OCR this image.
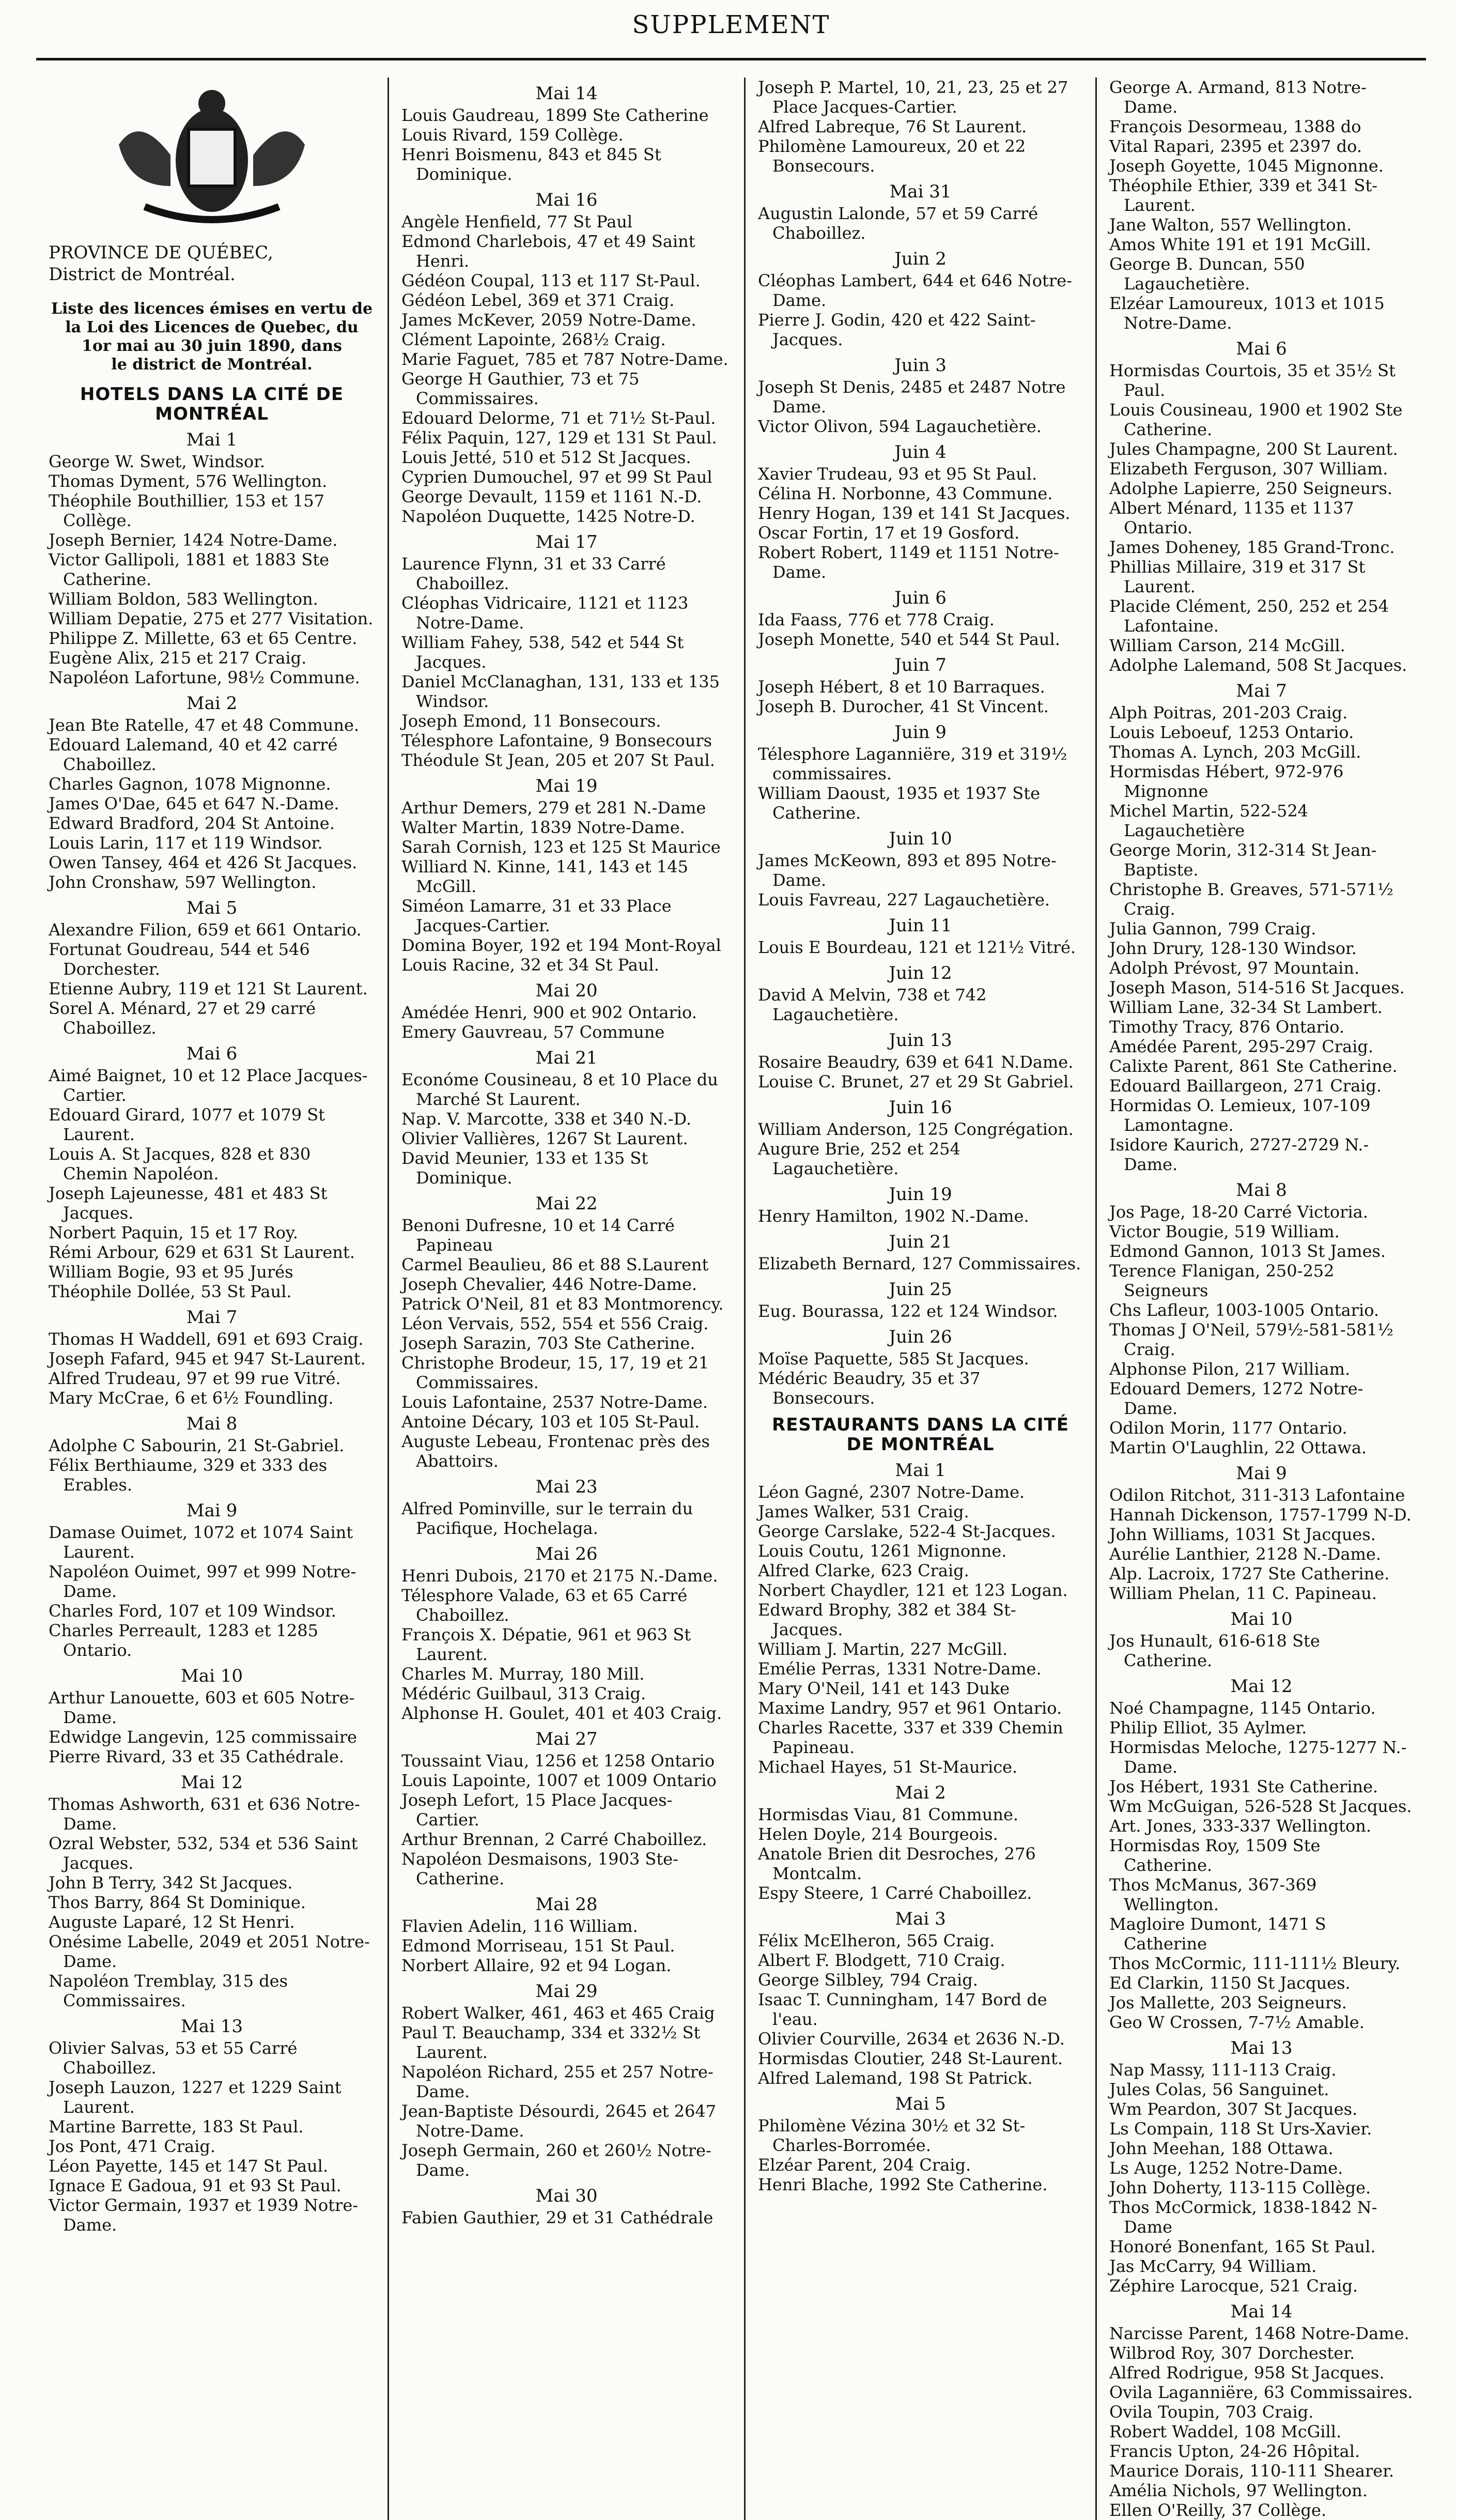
SUPPLEMENT
PROVINCE DE QUÉBEC,
District de Montréal.
Liste des licences émises en vertu de
la Loi des Licences de Quebec, du
1or mai au 30 juin 1890, dans
le district de Montréal.
HOTELS DANS LA CITÉ DE MONTRÉAL
Mai 1
George W. Swet, Windsor.
Thomas Dyment, 576 Wellington.
Théophile Bouthillier, 153 et 157 Collège.
Joseph Bernier, 1424 Notre-Dame.
Victor Gallipoli, 1881 et 1883 Ste Catherine.
William Boldon, 583 Wellington.
William Depatie, 275 et 277 Visitation.
Philippe Z. Millette, 63 et 65 Centre.
Eugène Alix, 215 et 217 Craig.
Napoléon Lafortune, 98½ Commune.
Mai 2
Jean Bte Ratelle, 47 et 48 Commune.
Edouard Lalemand, 40 et 42 carré Chaboillez.
Charles Gagnon, 1078 Mignonne.
James O'Dae, 645 et 647 N.-Dame.
Edward Bradford, 204 St Antoine.
Louis Larin, 117 et 119 Windsor.
Owen Tansey, 464 et 426 St Jacques.
John Cronshaw, 597 Wellington.
Mai 5
Alexandre Filion, 659 et 661 Ontario.
Fortunat Goudreau, 544 et 546 Dorchester.
Etienne Aubry, 119 et 121 St Laurent.
Sorel A. Ménard, 27 et 29 carré Chaboillez.
Mai 6
Aimé Baignet, 10 et 12 Place Jacques-Cartier.
Edouard Girard, 1077 et 1079 St Laurent.
Louis A. St Jacques, 828 et 830 Chemin Napoléon.
Joseph Lajeunesse, 481 et 483 St Jacques.
Norbert Paquin, 15 et 17 Roy.
Rémi Arbour, 629 et 631 St Laurent.
William Bogie, 93 et 95 Jurés
Théophile Dollée, 53 St Paul.
Mai 7
Thomas H Waddell, 691 et 693 Craig.
Joseph Fafard, 945 et 947 St-Laurent.
Alfred Trudeau, 97 et 99 rue Vitré.
Mary McCrae, 6 et 6½ Foundling.
Mai 8
Adolphe C Sabourin, 21 St-Gabriel.
Félix Berthiaume, 329 et 333 des Erables.
Mai 9
Damase Ouimet, 1072 et 1074 Saint Laurent.
Napoléon Ouimet, 997 et 999 Notre-Dame.
Charles Ford, 107 et 109 Windsor.
Charles Perreault, 1283 et 1285 Ontario.
Mai 10
Arthur Lanouette, 603 et 605 Notre-Dame.
Edwidge Langevin, 125 commissaire
Pierre Rivard, 33 et 35 Cathédrale.
Mai 12
Thomas Ashworth, 631 et 636 Notre-Dame.
Ozral Webster, 532, 534 et 536 Saint Jacques.
John B Terry, 342 St Jacques.
Thos Barry, 864 St Dominique.
Auguste Laparé, 12 St Henri.
Onésime Labelle, 2049 et 2051 Notre-Dame.
Napoléon Tremblay, 315 des Commissaires.
Mai 13
Olivier Salvas, 53 et 55 Carré Chaboillez.
Joseph Lauzon, 1227 et 1229 Saint Laurent.
Martine Barrette, 183 St Paul.
Jos Pont, 471 Craig.
Léon Payette, 145 et 147 St Paul.
Ignace E Gadoua, 91 et 93 St Paul.
Victor Germain, 1937 et 1939 Notre-Dame.
Mai 14
Louis Gaudreau, 1899 Ste Catherine
Louis Rivard, 159 Collège.
Henri Boismenu, 843 et 845 St Dominique.
Mai 16
Angèle Henfield, 77 St Paul
Edmond Charlebois, 47 et 49 Saint Henri.
Gédéon Coupal, 113 et 117 St-Paul.
Gédéon Lebel, 369 et 371 Craig.
James McKever, 2059 Notre-Dame.
Clément Lapointe, 268½ Craig.
Marie Faguet, 785 et 787 Notre-Dame.
George H Gauthier, 73 et 75 Commissaires.
Edouard Delorme, 71 et 71½ St-Paul.
Félix Paquin, 127, 129 et 131 St Paul.
Louis Jetté, 510 et 512 St Jacques.
Cyprien Dumouchel, 97 et 99 St Paul
George Devault, 1159 et 1161 N.-D.
Napoléon Duquette, 1425 Notre-D.
Mai 17
Laurence Flynn, 31 et 33 Carré Chaboillez.
Cléophas Vidricaire, 1121 et 1123 Notre-Dame.
William Fahey, 538, 542 et 544 St Jacques.
Daniel McClanaghan, 131, 133 et 135 Windsor.
Joseph Emond, 11 Bonsecours.
Télesphore Lafontaine, 9 Bonsecours
Théodule St Jean, 205 et 207 St Paul.
Mai 19
Arthur Demers, 279 et 281 N.-Dame
Walter Martin, 1839 Notre-Dame.
Sarah Cornish, 123 et 125 St Maurice
Williard N. Kinne, 141, 143 et 145 McGill.
Siméon Lamarre, 31 et 33 Place Jacques-Cartier.
Domina Boyer, 192 et 194 Mont-Royal
Louis Racine, 32 et 34 St Paul.
Mai 20
Amédée Henri, 900 et 902 Ontario.
Emery Gauvreau, 57 Commune
Mai 21
Económe Cousineau, 8 et 10 Place du Marché St Laurent.
Nap. V. Marcotte, 338 et 340 N.-D.
Olivier Vallières, 1267 St Laurent.
David Meunier, 133 et 135 St Dominique.
Mai 22
Benoni Dufresne, 10 et 14 Carré Papineau
Carmel Beaulieu, 86 et 88 S.Laurent
Joseph Chevalier, 446 Notre-Dame.
Patrick O'Neil, 81 et 83 Montmorency.
Léon Vervais, 552, 554 et 556 Craig.
Joseph Sarazin, 703 Ste Catherine.
Christophe Brodeur, 15, 17, 19 et 21 Commissaires.
Louis Lafontaine, 2537 Notre-Dame.
Antoine Décary, 103 et 105 St-Paul.
Auguste Lebeau, Frontenac près des Abattoirs.
Mai 23
Alfred Pominville, sur le terrain du Pacifique, Hochelaga.
Mai 26
Henri Dubois, 2170 et 2175 N.-Dame.
Télesphore Valade, 63 et 65 Carré Chaboillez.
François X. Dépatie, 961 et 963 St Laurent.
Charles M. Murray, 180 Mill.
Médéric Guilbaul, 313 Craig.
Alphonse H. Goulet, 401 et 403 Craig.
Mai 27
Toussaint Viau, 1256 et 1258 Ontario
Louis Lapointe, 1007 et 1009 Ontario
Joseph Lefort, 15 Place Jacques-Cartier.
Arthur Brennan, 2 Carré Chaboillez.
Napoléon Desmaisons, 1903 Ste-Catherine.
Mai 28
Flavien Adelin, 116 William.
Edmond Morriseau, 151 St Paul.
Norbert Allaire, 92 et 94 Logan.
Mai 29
Robert Walker, 461, 463 et 465 Craig
Paul T. Beauchamp, 334 et 332½ St Laurent.
Napoléon Richard, 255 et 257 Notre-Dame.
Jean-Baptiste Désourdi, 2645 et 2647 Notre-Dame.
Joseph Germain, 260 et 260½ Notre-Dame.
Mai 30
Fabien Gauthier, 29 et 31 Cathédrale
Joseph P. Martel, 10, 21, 23, 25 et 27 Place Jacques-Cartier.
Alfred Labreque, 76 St Laurent.
Philomène Lamoureux, 20 et 22 Bonsecours.
Mai 31
Augustin Lalonde, 57 et 59 Carré Chaboillez.
Juin 2
Cléophas Lambert, 644 et 646 Notre-Dame.
Pierre J. Godin, 420 et 422 Saint-Jacques.
Juin 3
Joseph St Denis, 2485 et 2487 Notre Dame.
Victor Olivon, 594 Lagauchetière.
Juin 4
Xavier Trudeau, 93 et 95 St Paul.
Célina H. Norbonne, 43 Commune.
Henry Hogan, 139 et 141 St Jacques.
Oscar Fortin, 17 et 19 Gosford.
Robert Robert, 1149 et 1151 Notre-Dame.
Juin 6
Ida Faass, 776 et 778 Craig.
Joseph Monette, 540 et 544 St Paul.
Juin 7
Joseph Hébert, 8 et 10 Barraques.
Joseph B. Durocher, 41 St Vincent.
Juin 9
Télesphore Laganniëre, 319 et 319½ commissaires.
William Daoust, 1935 et 1937 Ste Catherine.
Juin 10
James McKeown, 893 et 895 Notre-Dame.
Louis Favreau, 227 Lagauchetière.
Juin 11
Louis E Bourdeau, 121 et 121½ Vitré.
Juin 12
David A Melvin, 738 et 742 Lagauchetière.
Juin 13
Rosaire Beaudry, 639 et 641 N.Dame.
Louise C. Brunet, 27 et 29 St Gabriel.
Juin 16
William Anderson, 125 Congrégation.
Augure Brie, 252 et 254 Lagauchetière.
Juin 19
Henry Hamilton, 1902 N.-Dame.
Juin 21
Elizabeth Bernard, 127 Commissaires.
Juin 25
Eug. Bourassa, 122 et 124 Windsor.
Juin 26
Moïse Paquette, 585 St Jacques.
Médéric Beaudry, 35 et 37 Bonsecours.
RESTAURANTS DANS LA CITÉ DE MONTRÉAL
Mai 1
Léon Gagné, 2307 Notre-Dame.
James Walker, 531 Craig.
George Carslake, 522-4 St-Jacques.
Louis Coutu, 1261 Mignonne.
Alfred Clarke, 623 Craig.
Norbert Chaydler, 121 et 123 Logan.
Edward Brophy, 382 et 384 St-Jacques.
William J. Martin, 227 McGill.
Emélie Perras, 1331 Notre-Dame.
Mary O'Neil, 141 et 143 Duke
Maxime Landry, 957 et 961 Ontario.
Charles Racette, 337 et 339 Chemin Papineau.
Michael Hayes, 51 St-Maurice.
Mai 2
Hormisdas Viau, 81 Commune.
Helen Doyle, 214 Bourgeois.
Anatole Brien dit Desroches, 276 Montcalm.
Espy Steere, 1 Carré Chaboillez.
Mai 3
Félix McElheron, 565 Craig.
Albert F. Blodgett, 710 Craig.
George Silbley, 794 Craig.
Isaac T. Cunningham, 147 Bord de l'eau.
Olivier Courville, 2634 et 2636 N.-D.
Hormisdas Cloutier, 248 St-Laurent.
Alfred Lalemand, 198 St Patrick.
Mai 5
Philomène Vézina 30½ et 32 St-Charles-Borromée.
Elzéar Parent, 204 Craig.
Henri Blache, 1992 Ste Catherine.
George A. Armand, 813 Notre-Dame.
François Desormeau, 1388 do
Vital Rapari, 2395 et 2397 do.
Joseph Goyette, 1045 Mignonne.
Théophile Ethier, 339 et 341 St-Laurent.
Jane Walton, 557 Wellington.
Amos White 191 et 191 McGill.
George B. Duncan, 550 Lagauchetière.
Elzéar Lamoureux, 1013 et 1015 Notre-Dame.
Mai 6
Hormisdas Courtois, 35 et 35½ St Paul.
Louis Cousineau, 1900 et 1902 Ste Catherine.
Jules Champagne, 200 St Laurent.
Elizabeth Ferguson, 307 William.
Adolphe Lapierre, 250 Seigneurs.
Albert Ménard, 1135 et 1137 Ontario.
James Doheney, 185 Grand-Tronc.
Phillias Millaire, 319 et 317 St Laurent.
Placide Clément, 250, 252 et 254 Lafontaine.
William Carson, 214 McGill.
Adolphe Lalemand, 508 St Jacques.
Mai 7
Alph Poitras, 201-203 Craig.
Louis Leboeuf, 1253 Ontario.
Thomas A. Lynch, 203 McGill.
Hormisdas Hébert, 972-976 Mignonne
Michel Martin, 522-524 Lagauchetière
George Morin, 312-314 St Jean-Baptiste.
Christophe B. Greaves, 571-571½ Craig.
Julia Gannon, 799 Craig.
John Drury, 128-130 Windsor.
Adolph Prévost, 97 Mountain.
Joseph Mason, 514-516 St Jacques.
William Lane, 32-34 St Lambert.
Timothy Tracy, 876 Ontario.
Amédée Parent, 295-297 Craig.
Calixte Parent, 861 Ste Catherine.
Edouard Baillargeon, 271 Craig.
Hormidas O. Lemieux, 107-109 Lamontagne.
Isidore Kaurich, 2727-2729 N.-Dame.
Mai 8
Jos Page, 18-20 Carré Victoria.
Victor Bougie, 519 William.
Edmond Gannon, 1013 St James.
Terence Flanigan, 250-252 Seigneurs
Chs Lafleur, 1003-1005 Ontario.
Thomas J O'Neil, 579½-581-581½ Craig.
Alphonse Pilon, 217 William.
Edouard Demers, 1272 Notre-Dame.
Odilon Morin, 1177 Ontario.
Martin O'Laughlin, 22 Ottawa.
Mai 9
Odilon Ritchot, 311-313 Lafontaine
Hannah Dickenson, 1757-1799 N-D.
John Williams, 1031 St Jacques.
Aurélie Lanthier, 2128 N.-Dame.
Alp. Lacroix, 1727 Ste Catherine.
William Phelan, 11 C. Papineau.
Mai 10
Jos Hunault, 616-618 Ste Catherine.
Mai 12
Noé Champagne, 1145 Ontario.
Philip Elliot, 35 Aylmer.
Hormisdas Meloche, 1275-1277 N.-Dame.
Jos Hébert, 1931 Ste Catherine.
Wm McGuigan, 526-528 St Jacques.
Art. Jones, 333-337 Wellington.
Hormisdas Roy, 1509 Ste Catherine.
Thos McManus, 367-369 Wellington.
Magloire Dumont, 1471 S Catherine
Thos McCormic, 111-111½ Bleury.
Ed Clarkin, 1150 St Jacques.
Jos Mallette, 203 Seigneurs.
Geo W Crossen, 7-7½ Amable.
Mai 13
Nap Massy, 111-113 Craig.
Jules Colas, 56 Sanguinet.
Wm Peardon, 307 St Jacques.
Ls Compain, 118 St Urs-Xavier.
John Meehan, 188 Ottawa.
Ls Auge, 1252 Notre-Dame.
John Doherty, 113-115 Collège.
Thos McCormick, 1838-1842 N-Dame
Honoré Bonenfant, 165 St Paul.
Jas McCarry, 94 William.
Zéphire Larocque, 521 Craig.
Mai 14
Narcisse Parent, 1468 Notre-Dame.
Wilbrod Roy, 307 Dorchester.
Alfred Rodrigue, 958 St Jacques.
Ovila Laganniëre, 63 Commissaires.
Ovila Toupin, 703 Craig.
Robert Waddel, 108 McGill.
Francis Upton, 24-26 Hôpital.
Maurice Dorais, 110-111 Shearer.
Amélia Nichols, 97 Wellington.
Ellen O'Reilly, 37 Collège.
